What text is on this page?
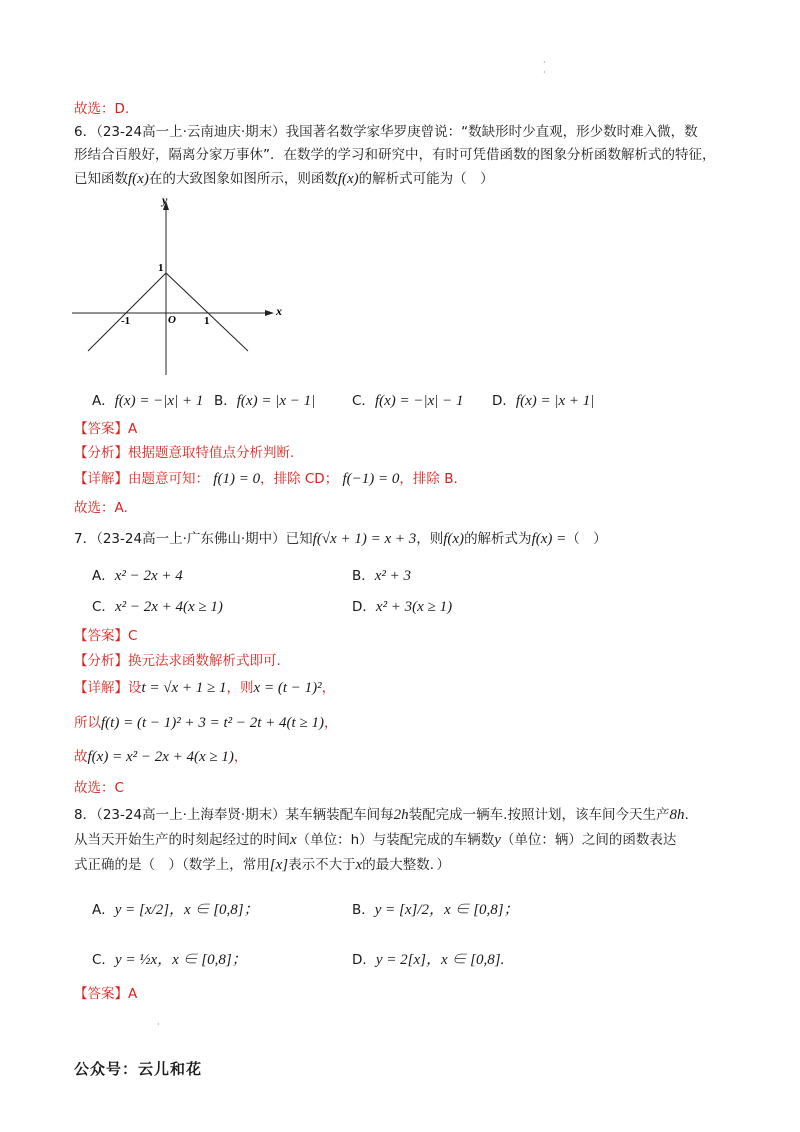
·
·
·
故选：D.
6．（23-24高一上·云南迪庆·期末）我国著名数学家华罗庚曾说：“数缺形时少直观，形少数时难入微，数
形结合百般好，隔离分家万事休”．在数学的学习和研究中，有时可凭借函数的图象分析函数解析式的特征，
已知函数f(x)在的大致图象如图所示，则函数f(x)的解析式可能为（　）
y
x
O
-1	1
1
A．f(x) = −|x| + 1 B．f(x) = |x − 1|	C．f(x) = −|x| − 1 D．f(x) = |x + 1|
【答案】A
【分析】根据题意取特值点分析判断.
【详解】由题意可知： f(1) = 0，排除 CD； f(−1) = 0，排除 B.
故选：A.
7．（23-24高一上·广东佛山·期中）已知f(√x + 1) = x + 3，则f(x)的解析式为f(x) =（　）
A．x² − 2x + 4	B．x² + 3
C．x² − 2x + 4(x ≥ 1)	D．x² + 3(x ≥ 1)
【答案】C
【分析】换元法求函数解析式即可.
【详解】设t = √x + 1 ≥ 1，则x = (t − 1)²，
所以f(t) = (t − 1)² + 3 = t² − 2t + 4(t ≥ 1)，
故f(x) = x² − 2x + 4(x ≥ 1)，
故选：C
8．（23-24高一上·上海奉贤·期末）某车辆装配车间每2h装配完成一辆车.按照计划，该车间今天生产8h.
从当天开始生产的时刻起经过的时间x（单位：h）与装配完成的车辆数y（单位：辆）之间的函数表达
式正确的是（　）（数学上，常用[x]表示不大于x的最大整数．）
A．y = [x/2]，x ∈ [0,8]；	B．y = [x]/2，x ∈ [0,8]；
C．y = ½x，x ∈ [0,8]；	D．y = 2[x]，x ∈ [0,8].
【答案】A
公众号：云儿和花
